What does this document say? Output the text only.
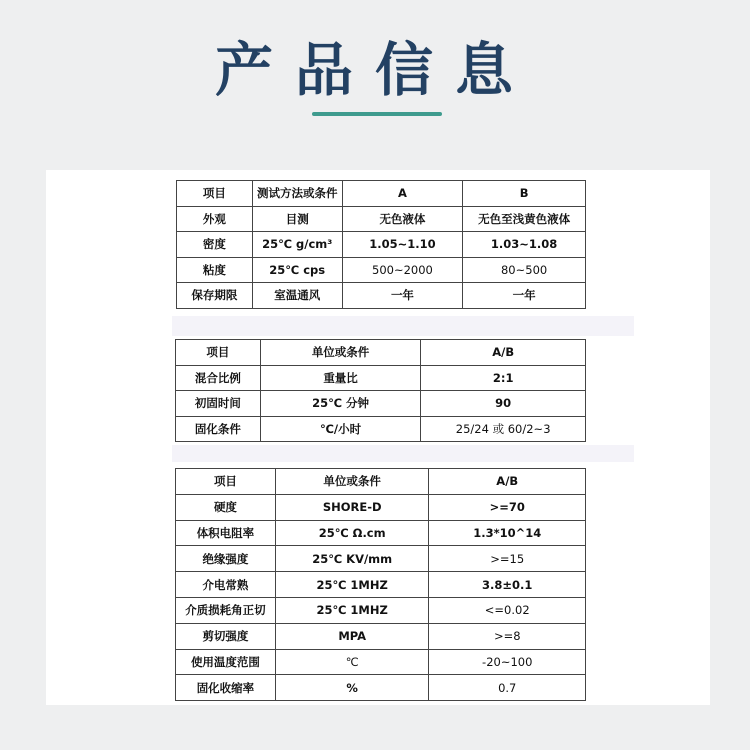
产品信息
项目	测试方法或条件	A	B
外观	目测	无色液体	无色至浅黄色液体
密度	25℃ g/cm³	1.05~1.10	1.03~1.08
粘度	25℃ cps	500~2000	80~500
保存期限	室温通风	一年	一年
项目	单位或条件	A/B
混合比例	重量比	2:1
初固时间	25℃ 分钟	90
固化条件	℃/小时	25/24 或 60/2~3
项目	单位或条件	A/B
硬度	SHORE-D	>=70
体积电阻率	25℃ Ω.cm	1.3*10^14
绝缘强度	25℃ KV/mm	>=15
介电常熟	25℃ 1MHZ	3.8±0.1
介质损耗角正切	25℃ 1MHZ	<=0.02
剪切强度	MPA	>=8
使用温度范围	℃	-20~100
固化收缩率	%	0.7
